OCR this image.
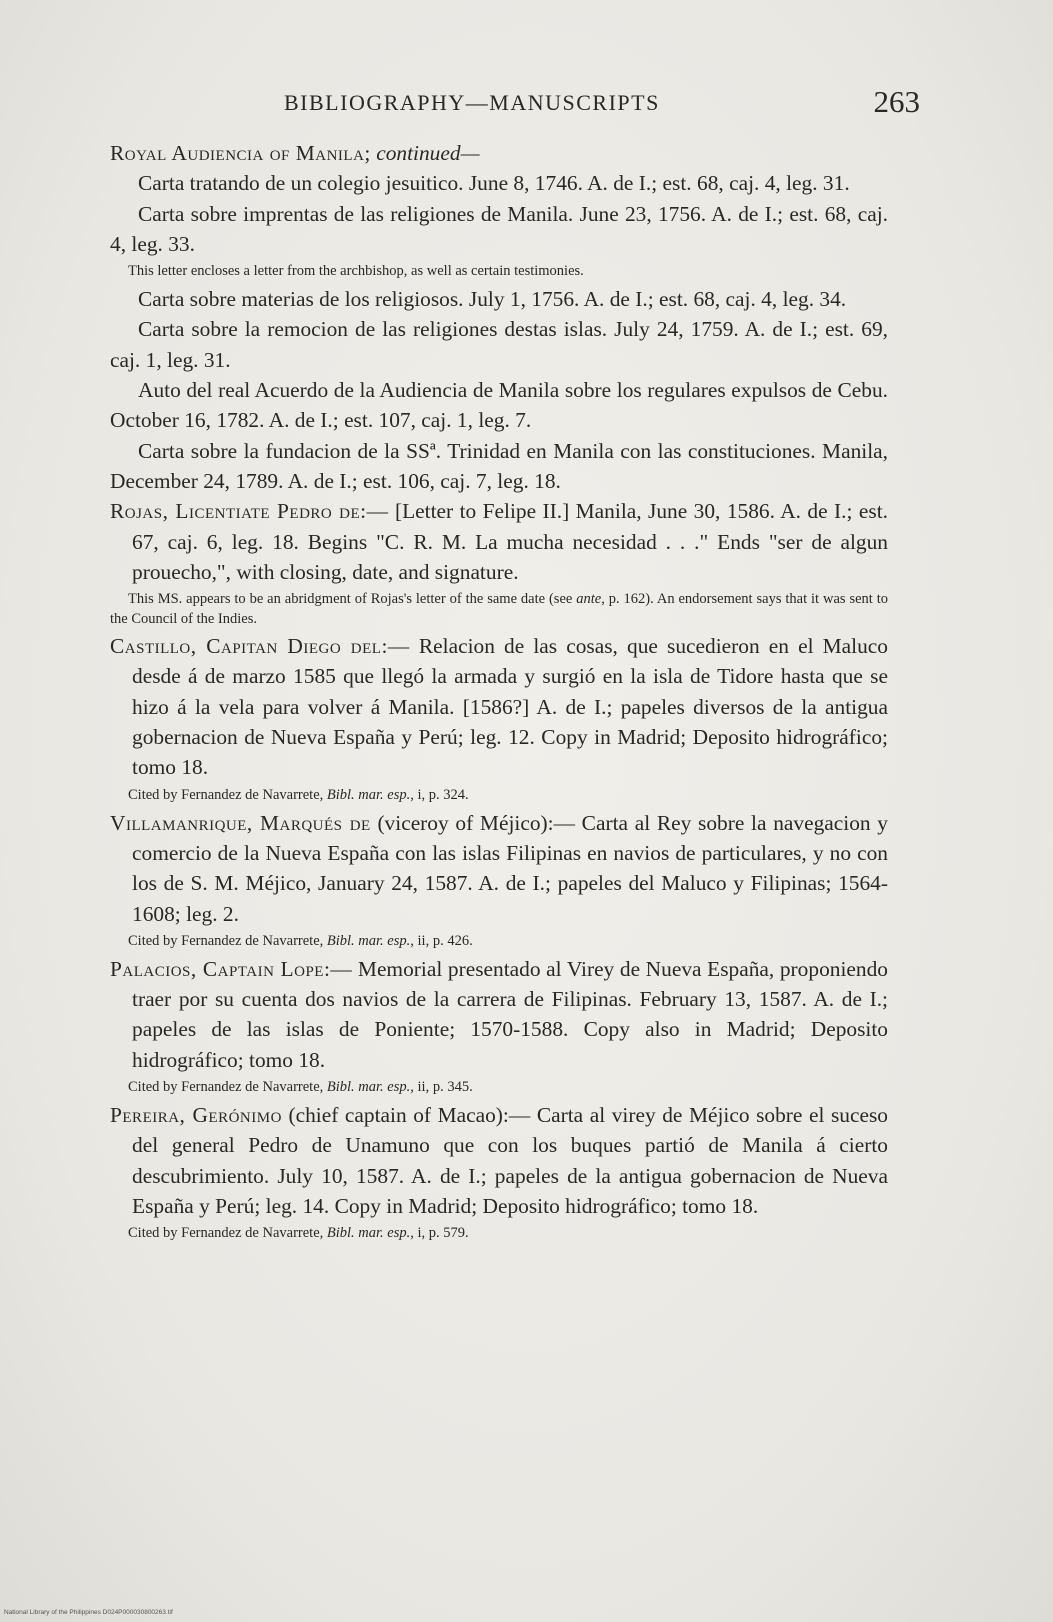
BIBLIOGRAPHY—MANUSCRIPTS	263
Royal Audiencia of Manila; continued—

Carta tratando de un colegio jesuitico. June 8, 1746. A. de I.; est. 68, caj. 4, leg. 31.

Carta sobre imprentas de las religiones de Manila. June 23, 1756. A. de I.; est. 68, caj. 4, leg. 33.

This letter encloses a letter from the archbishop, as well as certain testimonies.

Carta sobre materias de los religiosos. July 1, 1756. A. de I.; est. 68, caj. 4, leg. 34.

Carta sobre la remocion de las religiones destas islas. July 24, 1759. A. de I.; est. 69, caj. 1, leg. 31.

Auto del real Acuerdo de la Audiencia de Manila sobre los regulares expulsos de Cebu. October 16, 1782. A. de I.; est. 107, caj. 1, leg. 7.

Carta sobre la fundacion de la SSª. Trinidad en Manila con las constituciones. Manila, December 24, 1789. A. de I.; est. 106, caj. 7, leg. 18.

Rojas, Licentiate Pedro de:— [Letter to Felipe II.] Manila, June 30, 1586. A. de I.; est. 67, caj. 6, leg. 18. Begins "C. R. M. La mucha necesidad . . ." Ends "ser de algun prouecho,", with closing, date, and signature.

This MS. appears to be an abridgment of Rojas's letter of the same date (see ante, p. 162). An endorsement says that it was sent to the Council of the Indies.

Castillo, Capitan Diego del:— Relacion de las cosas, que sucedieron en el Maluco desde á de marzo 1585 que llegó la armada y surgió en la isla de Tidore hasta que se hizo á la vela para volver á Manila. [1586?] A. de I.; papeles diversos de la antigua gobernacion de Nueva España y Perú; leg. 12. Copy in Madrid; Deposito hidrográfico; tomo 18.

Cited by Fernandez de Navarrete, Bibl. mar. esp., i, p. 324.

Villamanrique, Marqués de (viceroy of Méjico):— Carta al Rey sobre la navegacion y comercio de la Nueva España con las islas Filipinas en navios de particulares, y no con los de S. M. Méjico, January 24, 1587. A. de I.; papeles del Maluco y Filipinas; 1564-1608; leg. 2.

Cited by Fernandez de Navarrete, Bibl. mar. esp., ii, p. 426.

Palacios, Captain Lope:— Memorial presentado al Virey de Nueva España, proponiendo traer por su cuenta dos navios de la carrera de Filipinas. February 13, 1587. A. de I.; papeles de las islas de Poniente; 1570-1588. Copy also in Madrid; Deposito hidrográfico; tomo 18.

Cited by Fernandez de Navarrete, Bibl. mar. esp., ii, p. 345.

Pereira, Gerónimo (chief captain of Macao):— Carta al virey de Méjico sobre el suceso del general Pedro de Unamuno que con los buques partió de Manila á cierto descubrimiento. July 10, 1587. A. de I.; papeles de la antigua gobernacion de Nueva España y Perú; leg. 14. Copy in Madrid; Deposito hidrográfico; tomo 18.

Cited by Fernandez de Navarrete, Bibl. mar. esp., i, p. 579.

National Library of the Philippines D024P000030800263.tif
